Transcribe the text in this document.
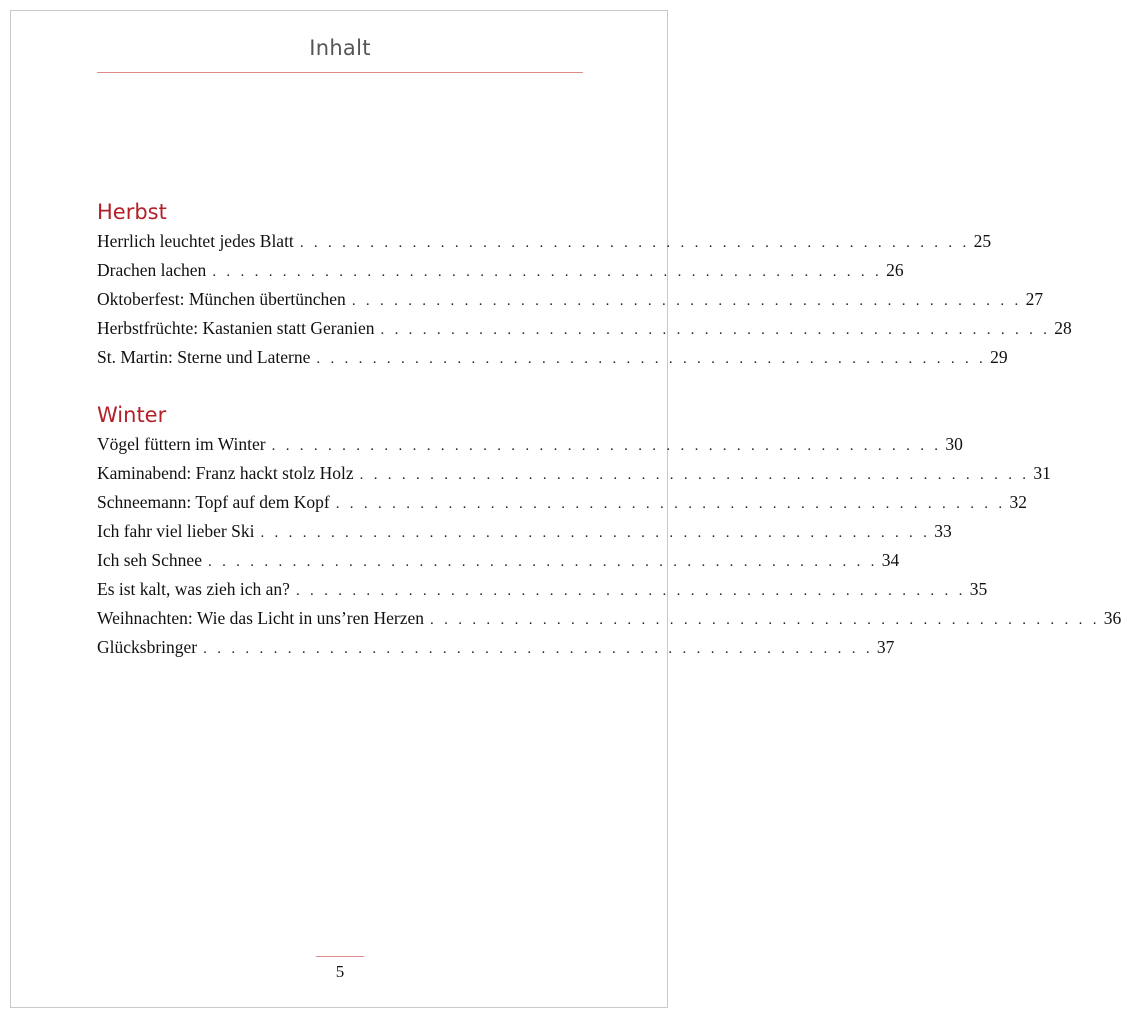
Inhalt
Herbst
Herrlich leuchtet jedes Blatt . . . . . . . . . . . . . . . . . . . . . . . . . . . . . . . . . . . . . . . . . . . . . . . . 25
Drachen lachen . . . . . . . . . . . . . . . . . . . . . . . . . . . . . . . . . . . . . . . . . . . . . . . . 26
Oktoberfest: München übertünchen . . . . . . . . . . . . . . . . . . . . . . . . . . . . . . . . . . . . . . . . . . . . . . . . 27
Herbstfrüchte: Kastanien statt Geranien . . . . . . . . . . . . . . . . . . . . . . . . . . . . . . . . . . . . . . . . . . . . . . . . 28
St. Martin: Sterne und Laterne . . . . . . . . . . . . . . . . . . . . . . . . . . . . . . . . . . . . . . . . . . . . . . . . 29
Winter
Vögel füttern im Winter . . . . . . . . . . . . . . . . . . . . . . . . . . . . . . . . . . . . . . . . . . . . . . . . 30
Kaminabend: Franz hackt stolz Holz . . . . . . . . . . . . . . . . . . . . . . . . . . . . . . . . . . . . . . . . . . . . . . . . 31
Schneemann: Topf auf dem Kopf . . . . . . . . . . . . . . . . . . . . . . . . . . . . . . . . . . . . . . . . . . . . . . . . 32
Ich fahr viel lieber Ski . . . . . . . . . . . . . . . . . . . . . . . . . . . . . . . . . . . . . . . . . . . . . . . . 33
Ich seh Schnee . . . . . . . . . . . . . . . . . . . . . . . . . . . . . . . . . . . . . . . . . . . . . . . . 34
Es ist kalt, was zieh ich an? . . . . . . . . . . . . . . . . . . . . . . . . . . . . . . . . . . . . . . . . . . . . . . . . 35
Weihnachten: Wie das Licht in uns’ren Herzen . . . . . . . . . . . . . . . . . . . . . . . . . . . . . . . . . . . . . . . . . . . . . . . . 36
Glücksbringer . . . . . . . . . . . . . . . . . . . . . . . . . . . . . . . . . . . . . . . . . . . . . . . . 37
5
